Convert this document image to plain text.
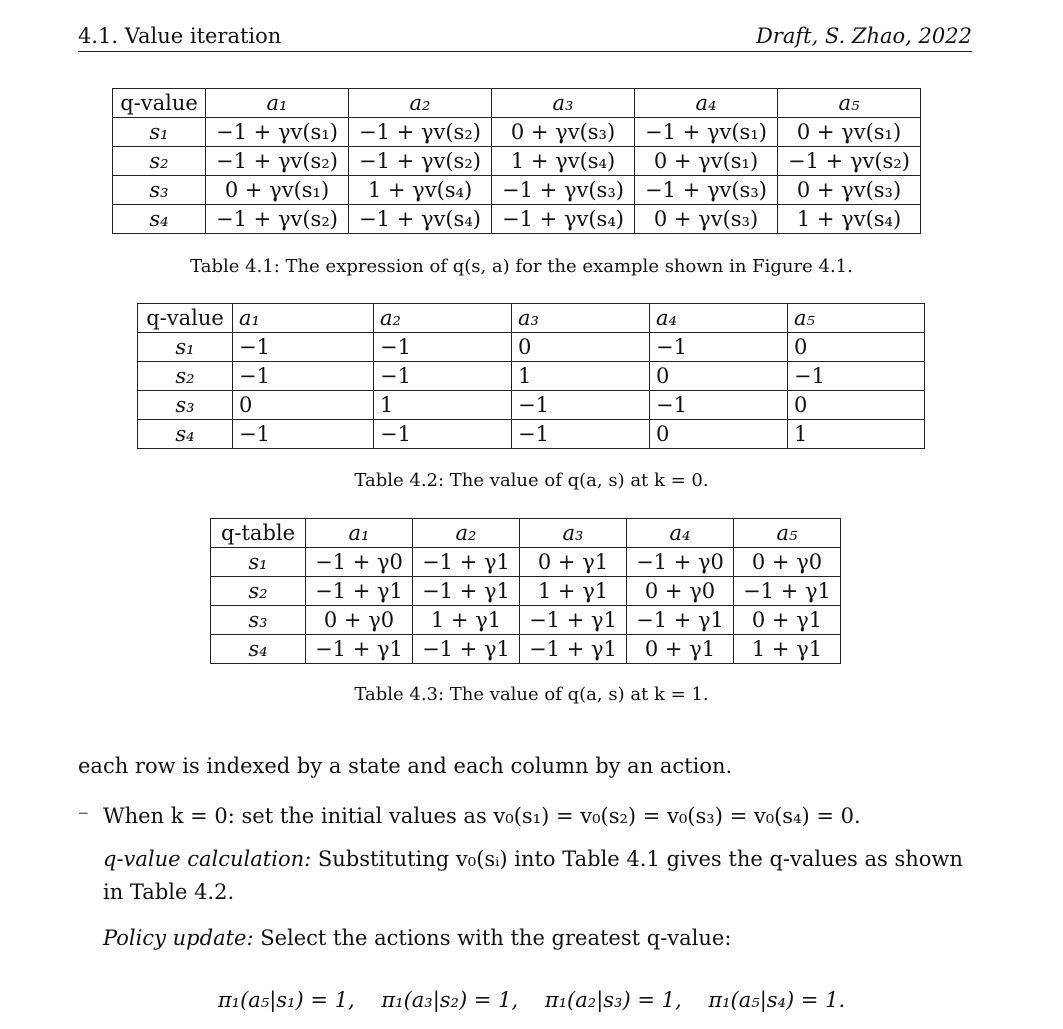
4.1. Value iteration	Draft, S. Zhao, 2022
q-value	a₁	a₂	a₃	a₄	a₅
s₁	−1 + γv(s₁)	−1 + γv(s₂)	0 + γv(s₃)	−1 + γv(s₁)	0 + γv(s₁)
s₂	−1 + γv(s₂)	−1 + γv(s₂)	1 + γv(s₄)	0 + γv(s₁)	−1 + γv(s₂)
s₃	0 + γv(s₁)	1 + γv(s₄)	−1 + γv(s₃)	−1 + γv(s₃)	0 + γv(s₃)
s₄	−1 + γv(s₂)	−1 + γv(s₄)	−1 + γv(s₄)	0 + γv(s₃)	1 + γv(s₄)
Table 4.1: The expression of q(s, a) for the example shown in Figure 4.1.
q-value	a₁	a₂	a₃	a₄	a₅
s₁	−1	−1	0	−1	0
s₂	−1	−1	1	0	−1
s₃	0	1	−1	−1	0
s₄	−1	−1	−1	0	1
Table 4.2: The value of q(a, s) at k = 0.
q-table	a₁	a₂	a₃	a₄	a₅
s₁	−1 + γ0	−1 + γ1	0 + γ1	−1 + γ0	0 + γ0
s₂	−1 + γ1	−1 + γ1	1 + γ1	0 + γ0	−1 + γ1
s₃	0 + γ0	1 + γ1	−1 + γ1	−1 + γ1	0 + γ1
s₄	−1 + γ1	−1 + γ1	−1 + γ1	0 + γ1	1 + γ1
Table 4.3: The value of q(a, s) at k = 1.
each row is indexed by a state and each column by an action.
– When k = 0: set the initial values as v₀(s₁) = v₀(s₂) = v₀(s₃) = v₀(s₄) = 0.
q-value calculation: Substituting v₀(sᵢ) into Table 4.1 gives the q-values as shown in Table 4.2.
Policy update: Select the actions with the greatest q-value:
π₁(a₅|s₁) = 1,    π₁(a₃|s₂) = 1,    π₁(a₂|s₃) = 1,    π₁(a₅|s₄) = 1.
